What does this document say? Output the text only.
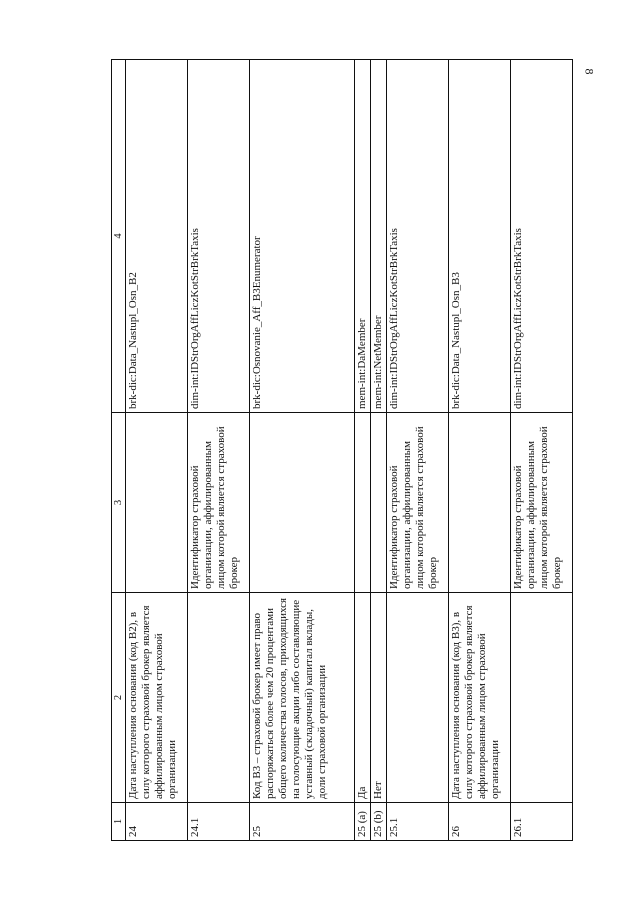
8
1	2	3	4
24	Дата наступления основания (код В2), в силу которого страховой брокер является аффилированным лицом страховой организации		brk-dic:Data_Nastupl_Osn_B2
24.1		Идентификатор страховой организации, аффилированным лицом которой является страховой брокер	dim-int:IDStrOrgAffLiczKotStrBrkTaxis
25	Код В3 – страховой брокер имеет право распоряжаться более чем 20 процентами общего количества голосов, приходящихся на голосующие акции либо составляющие уставный (складочный) капитал вклады, доли страховой организации		brk-dic:Osnovanie_Aff_B3Enumerator
25 (a)	Да		mem-int:DaMember
25 (b)	Нет		mem-int:NetMember
25.1		Идентификатор страховой организации, аффилированным лицом которой является страховой брокер	dim-int:IDStrOrgAffLiczKotStrBrkTaxis
26	Дата наступления основания (код В3), в силу которого страховой брокер является аффилированным лицом страховой организации		brk-dic:Data_Nastupl_Osn_B3
26.1		Идентификатор страховой организации, аффилированным лицом которой является страховой брокер	dim-int:IDStrOrgAffLiczKotStrBrkTaxis
